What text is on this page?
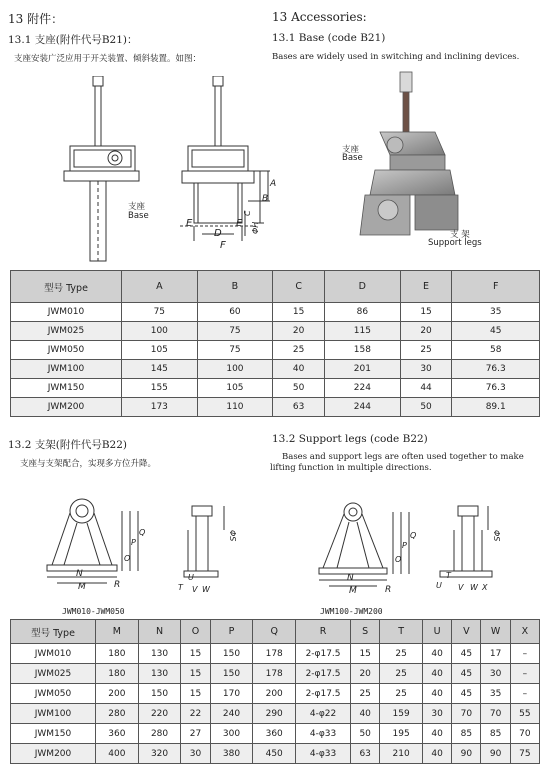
13 附件：	13 Accessories:
13.1 支座(附件代号B21)：	13.1 Base (code B21)
支座安装广泛应用于开关装置、倾斜装置。如图：	Bases are widely used in switching and inclining devices.
支座
Base
D
F
E	E
A
B
C
ΦH
支座
Base
支 架
Support legs
型号 Type	A	B	C	D	E	F
JWM010	75	60	15	86	15	35
JWM025	100	75	20	115	20	45
JWM050	105	75	25	158	25	58
JWM100	145	100	40	201	30	76.3
JWM150	155	105	50	224	44	76.3
JWM200	173	110	63	244	50	89.1
13.2 支架(附件代号B22)	13.2 Support legs (code B22)
支座与支架配合，实现多方位升降。
Bases and support legs are often used together to make
lifting function in multiple directions.
N
M	R
O
P
Q
T
U
V W
ΦS
N
M	R
O
P
Q
U
T
V W X
ΦS
JWM010-JWM050	JWM100-JWM200
型号 Type	M	N	O	P	Q	R	S	T	U	V	W	X
JWM010	180	130	15	150	178	2-φ17.5	15	25	40	45	17	–
JWM025	180	130	15	150	178	2-φ17.5	20	25	40	45	30	–
JWM050	200	150	15	170	200	2-φ17.5	25	25	40	45	35	–
JWM100	280	220	22	240	290	4-φ22	40	159	30	70	70	55
JWM150	360	280	27	300	360	4-φ33	50	195	40	85	85	70
JWM200	400	320	30	380	450	4-φ33	63	210	40	90	90	75
